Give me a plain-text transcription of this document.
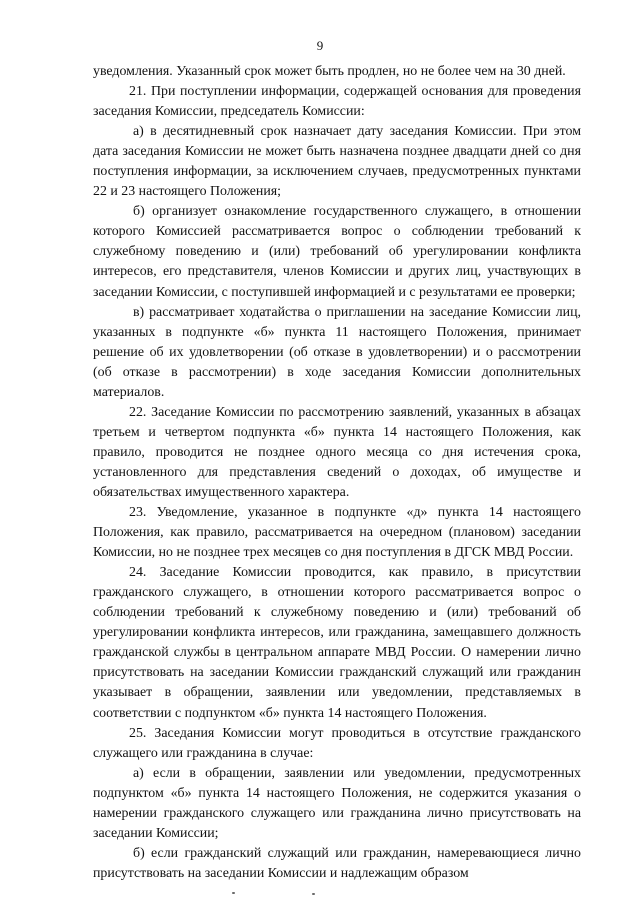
9

уведомления. Указанный срок может быть продлен, но не более чем на 30 дней.

21. При поступлении информации, содержащей основания для проведения заседания Комиссии, председатель Комиссии:

а) в десятидневный срок назначает дату заседания Комиссии. При этом дата заседания Комиссии не может быть назначена позднее двадцати дней со дня поступления информации, за исключением случаев, предусмотренных пунктами 22 и 23 настоящего Положения;

б) организует ознакомление государственного служащего, в отношении которого Комиссией рассматривается вопрос о соблюдении требований к служебному поведению и (или) требований об урегулировании конфликта интересов, его представителя, членов Комиссии и других лиц, участвующих в заседании Комиссии, с поступившей информацией и с результатами ее проверки;

в) рассматривает ходатайства о приглашении на заседание Комиссии лиц, указанных в подпункте «б» пункта 11 настоящего Положения, принимает решение об их удовлетворении (об отказе в удовлетворении) и о рассмотрении (об отказе в рассмотрении) в ходе заседания Комиссии дополнительных материалов.

22. Заседание Комиссии по рассмотрению заявлений, указанных в абзацах третьем и четвертом подпункта «б» пункта 14 настоящего Положения, как правило, проводится не позднее одного месяца со дня истечения срока, установленного для представления сведений о доходах, об имуществе и обязательствах имущественного характера.

23. Уведомление, указанное в подпункте «д» пункта 14 настоящего Положения, как правило, рассматривается на очередном (плановом) заседании Комиссии, но не позднее трех месяцев со дня поступления в ДГСК МВД России.

24. Заседание Комиссии проводится, как правило, в присутствии гражданского служащего, в отношении которого рассматривается вопрос о соблюдении требований к служебному поведению и (или) требований об урегулировании конфликта интересов, или гражданина, замещавшего должность гражданской службы в центральном аппарате МВД России. О намерении лично присутствовать на заседании Комиссии гражданский служащий или гражданин указывает в обращении, заявлении или уведомлении, представляемых в соответствии с подпунктом «б» пункта 14 настоящего Положения.

25. Заседания Комиссии могут проводиться в отсутствие гражданского служащего или гражданина в случае:

а) если в обращении, заявлении или уведомлении, предусмотренных подпунктом «б» пункта 14 настоящего Положения, не содержится указания о намерении гражданского служащего или гражданина лично присутствовать на заседании Комиссии;

б) если гражданский служащий или гражданин, намеревающиеся лично присутствовать на заседании Комиссии и надлежащим образом
